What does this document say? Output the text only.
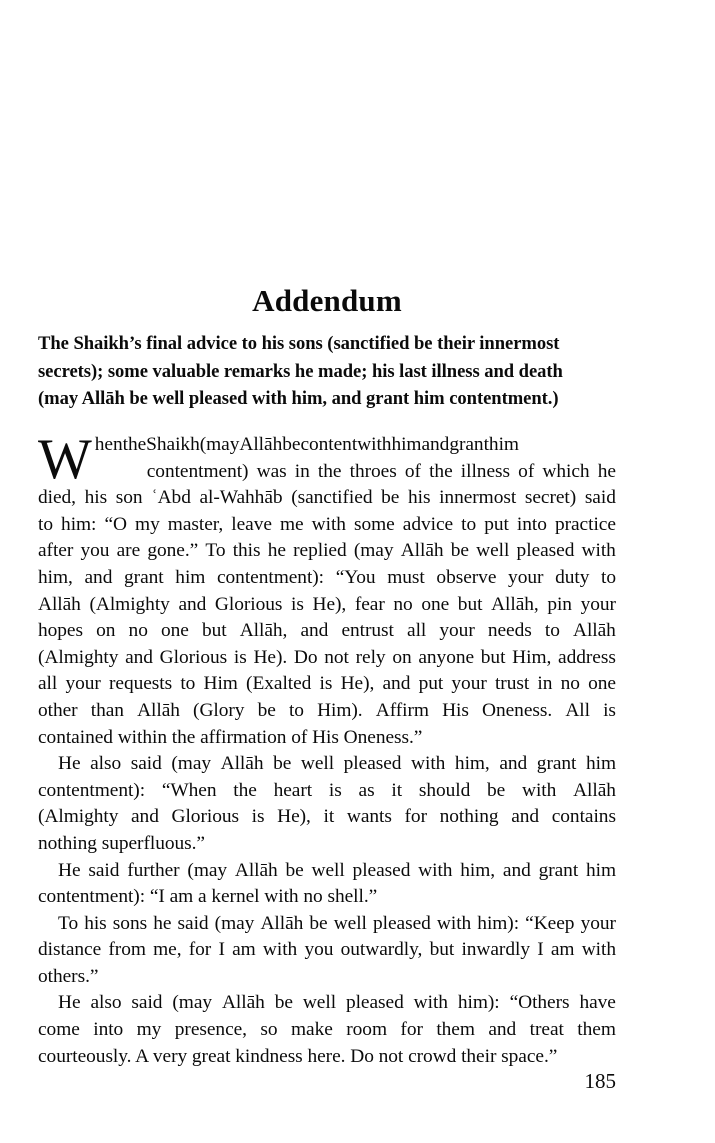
Addendum
The Shaikh’s final advice to his sons (sanctified be their innermost
secrets); some valuable remarks he made; his last illness and death
(may Allāh be well pleased with him, and grant him contentment.)

W hentheShaikh(mayAllāhbecontentwithhimandgranthim
contentment) was in the throes of the illness of which he
died, his son ʿAbd al-Wahhāb (sanctified be his innermost secret) said
to him: “O my master, leave me with some advice to put into practice
after you are gone.” To this he replied (may Allāh be well pleased with
him, and grant him contentment): “You must observe your duty to
Allāh (Almighty and Glorious is He), fear no one but Allāh, pin your
hopes on no one but Allāh, and entrust all your needs to Allāh
(Almighty and Glorious is He). Do not rely on anyone but Him, address
all your requests to Him (Exalted is He), and put your trust in no one
other than Allāh (Glory be to Him). Affirm His Oneness. All is
contained within the affirmation of His Oneness.”

He also said (may Allāh be well pleased with him, and grant him
contentment): “When the heart is as it should be with Allāh
(Almighty and Glorious is He), it wants for nothing and contains
nothing superfluous.”

He said further (may Allāh be well pleased with him, and grant him
contentment): “I am a kernel with no shell.”

To his sons he said (may Allāh be well pleased with him): “Keep your
distance from me, for I am with you outwardly, but inwardly I am with
others.”

He also said (may Allāh be well pleased with him): “Others have
come into my presence, so make room for them and treat them
courteously. A very great kindness here. Do not crowd their space.”

185
